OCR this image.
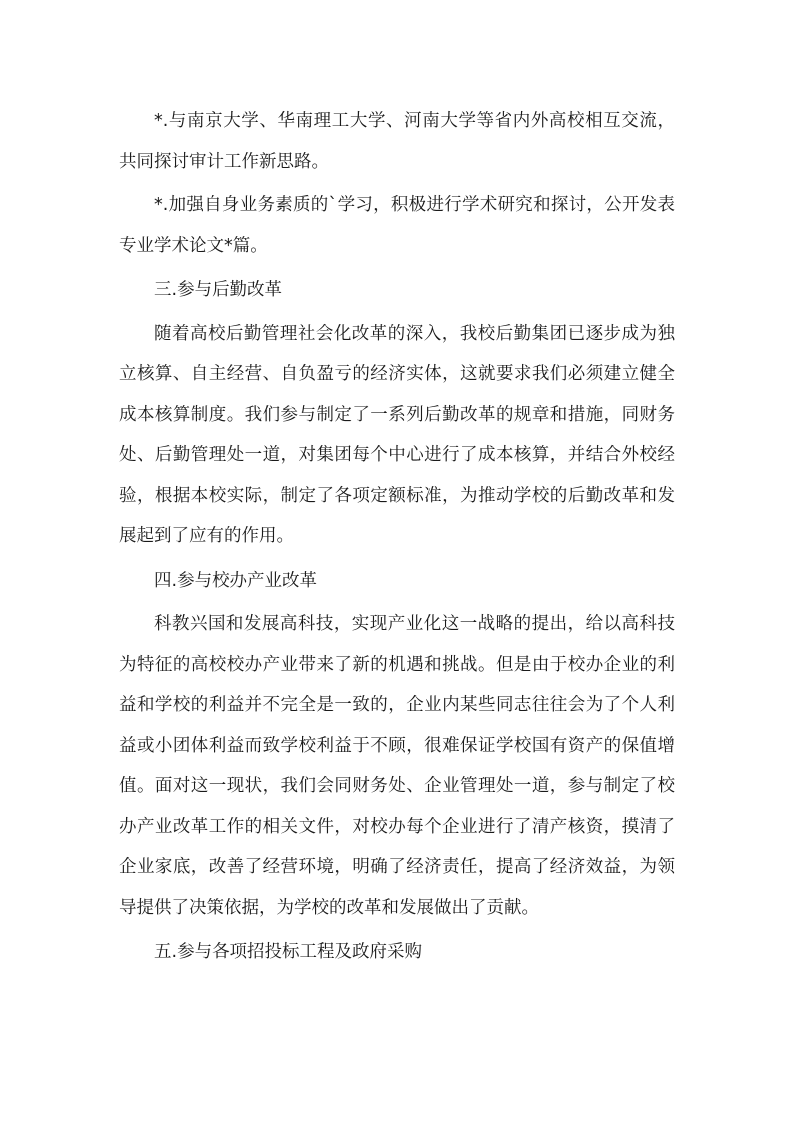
*.与南京大学、华南理工大学、河南大学等省内外高校相互交流，共同探讨审计工作新思路。

*.加强自身业务素质的`学习，积极进行学术研究和探讨，公开发表专业学术论文*篇。

三.参与后勤改革

随着高校后勤管理社会化改革的深入，我校后勤集团已逐步成为独立核算、自主经营、自负盈亏的经济实体，这就要求我们必须建立健全成本核算制度。我们参与制定了一系列后勤改革的规章和措施，同财务处、后勤管理处一道，对集团每个中心进行了成本核算，并结合外校经验，根据本校实际，制定了各项定额标准，为推动学校的后勤改革和发展起到了应有的作用。

四.参与校办产业改革

科教兴国和发展高科技，实现产业化这一战略的提出，给以高科技为特征的高校校办产业带来了新的机遇和挑战。但是由于校办企业的利益和学校的利益并不完全是一致的，企业内某些同志往往会为了个人利益或小团体利益而致学校利益于不顾，很难保证学校国有资产的保值增值。面对这一现状，我们会同财务处、企业管理处一道，参与制定了校办产业改革工作的相关文件，对校办每个企业进行了清产核资，摸清了企业家底，改善了经营环境，明确了经济责任，提高了经济效益，为领导提供了决策依据，为学校的改革和发展做出了贡献。

五.参与各项招投标工程及政府采购
